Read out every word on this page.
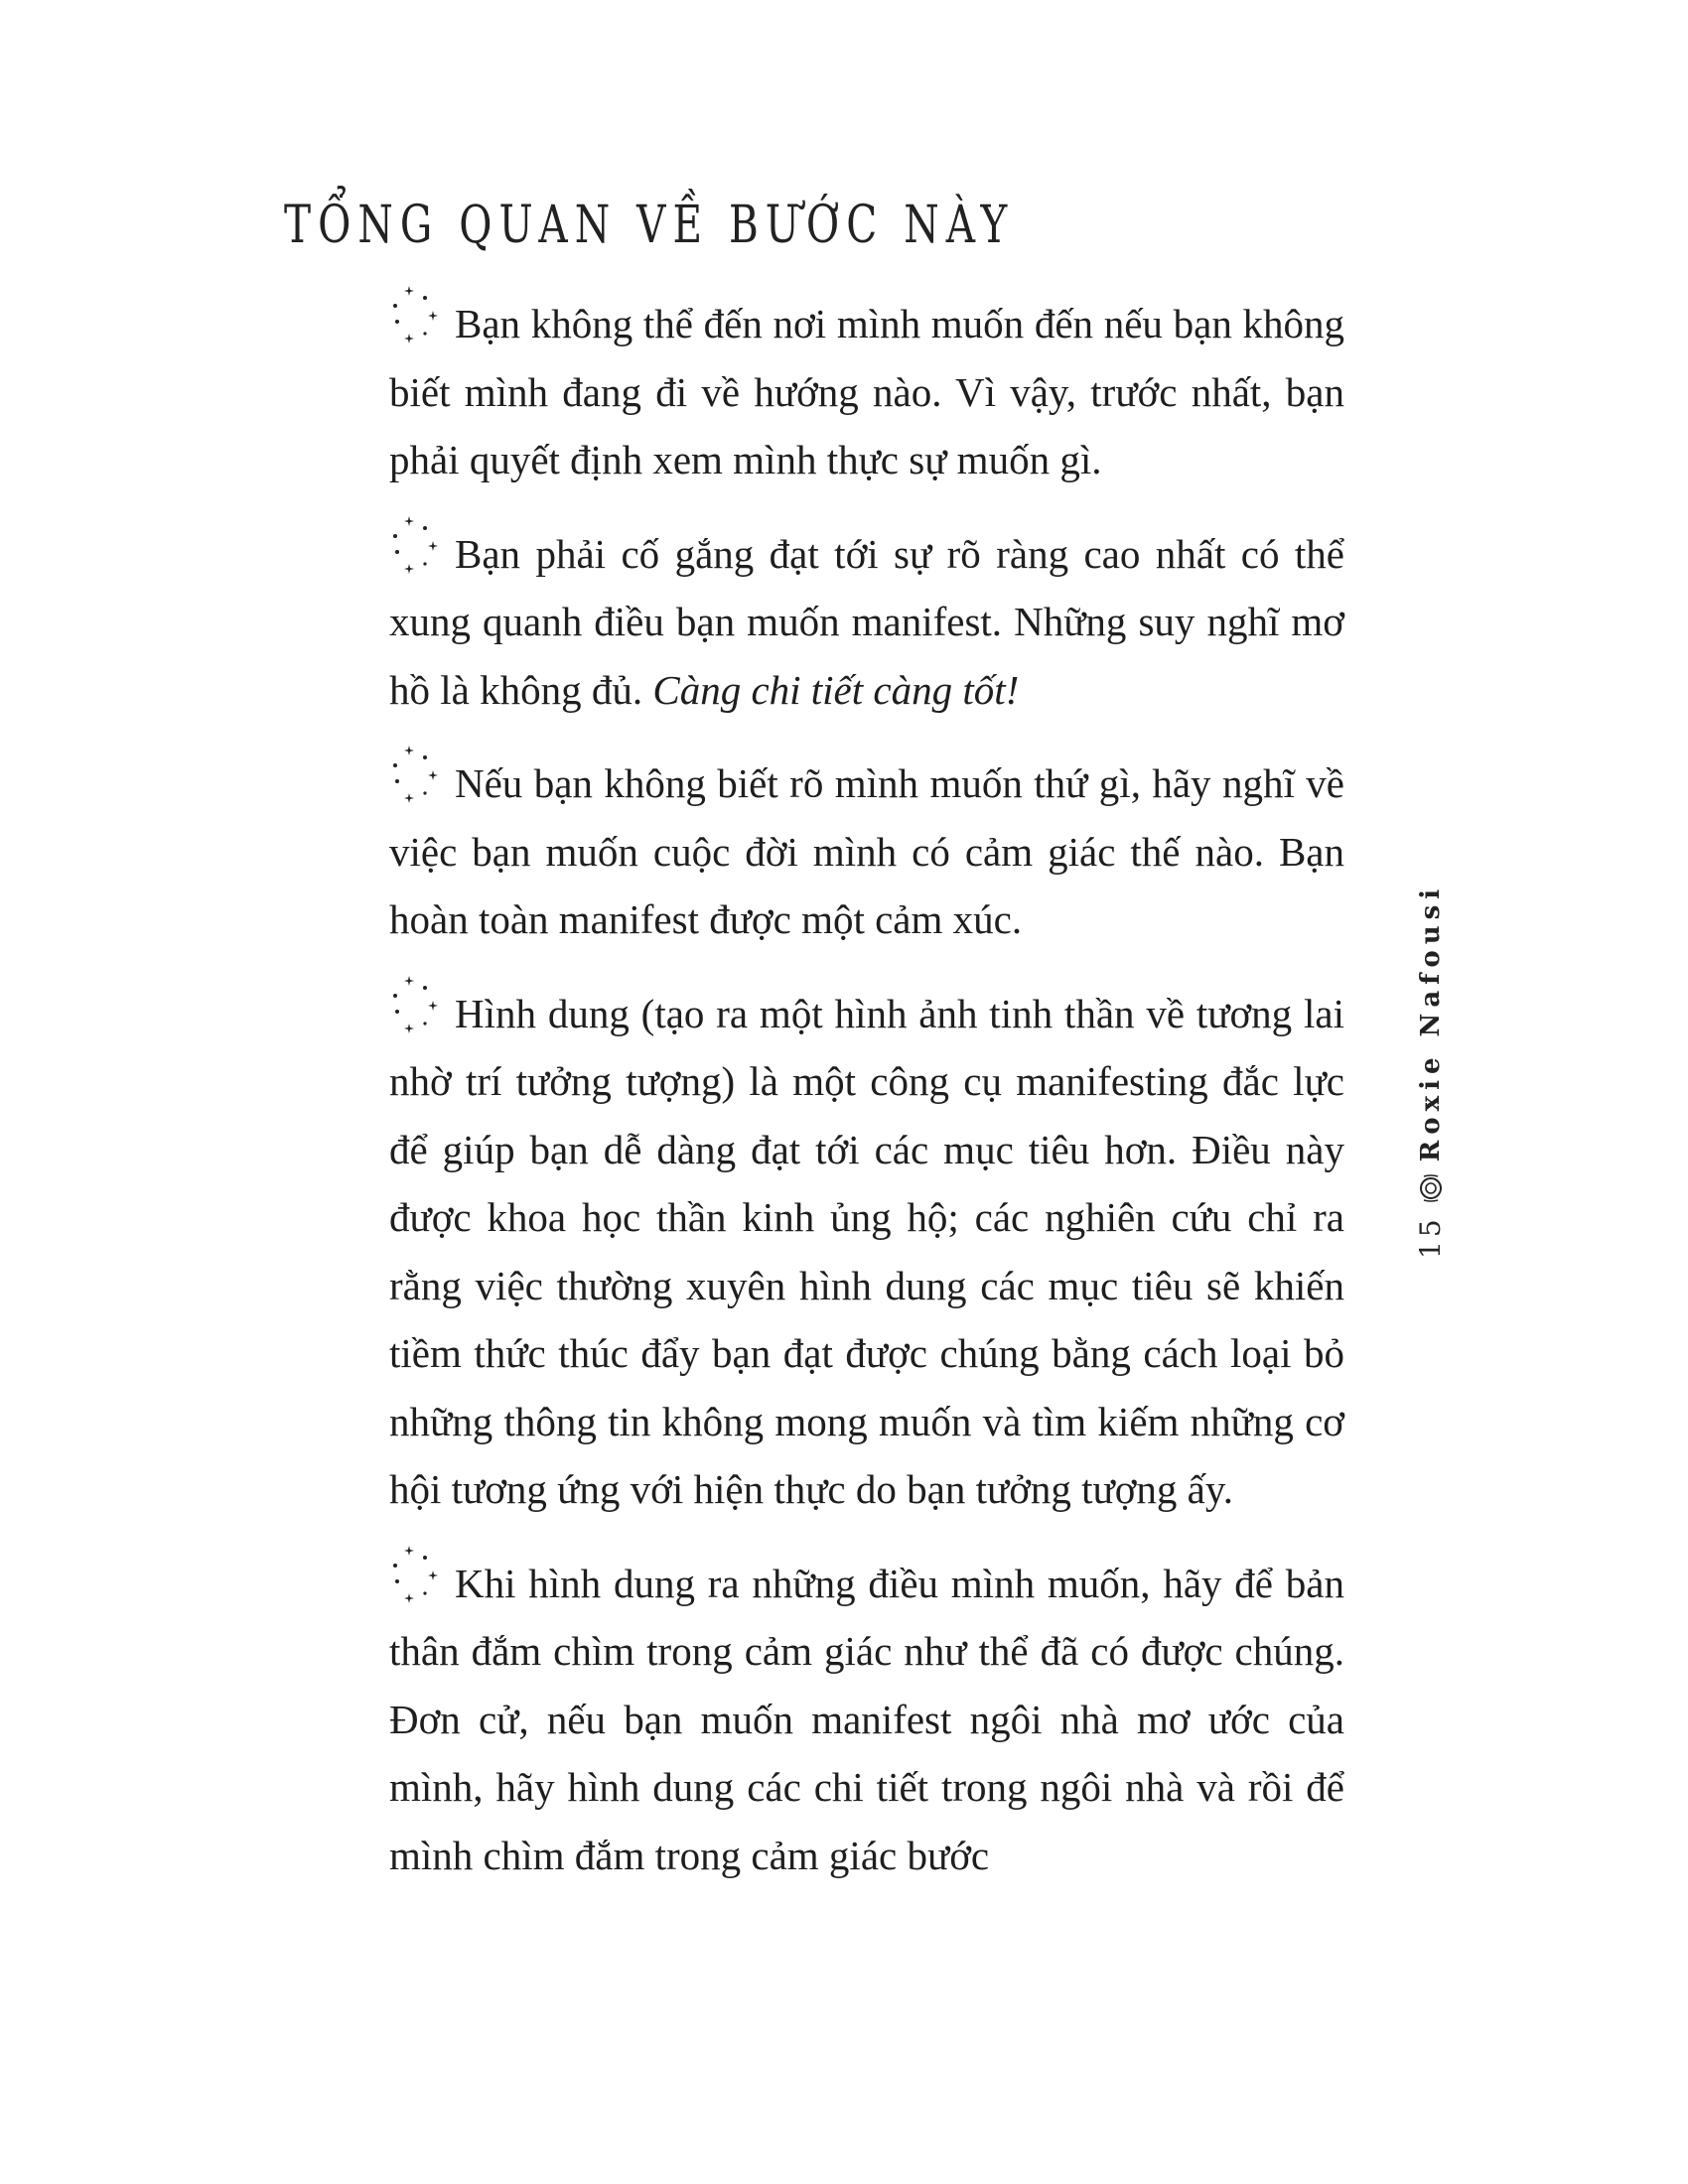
TỔNG QUAN VỀ BƯỚC NÀY

Bạn không thể đến nơi mình muốn đến nếu bạn không biết mình đang đi về hướng nào. Vì vậy, trước nhất, bạn phải quyết định xem mình thực sự muốn gì.

Bạn phải cố gắng đạt tới sự rõ ràng cao nhất có thể xung quanh điều bạn muốn manifest. Những suy nghĩ mơ hồ là không đủ. Càng chi tiết càng tốt!

Nếu bạn không biết rõ mình muốn thứ gì, hãy nghĩ về việc bạn muốn cuộc đời mình có cảm giác thế nào. Bạn hoàn toàn manifest được một cảm xúc.

Hình dung (tạo ra một hình ảnh tinh thần về tương lai nhờ trí tưởng tượng) là một công cụ manifesting đắc lực để giúp bạn dễ dàng đạt tới các mục tiêu hơn. Điều này được khoa học thần kinh ủng hộ; các nghiên cứu chỉ ra rằng việc thường xuyên hình dung các mục tiêu sẽ khiến tiềm thức thúc đẩy bạn đạt được chúng bằng cách loại bỏ những thông tin không mong muốn và tìm kiếm những cơ hội tương ứng với hiện thực do bạn tưởng tượng ấy.

Khi hình dung ra những điều mình muốn, hãy để bản thân đắm chìm trong cảm giác như thể đã có được chúng. Đơn cử, nếu bạn muốn manifest ngôi nhà mơ ước của mình, hãy hình dung các chi tiết trong ngôi nhà và rồi để mình chìm đắm trong cảm giác bước

15
Roxie Nafousi
